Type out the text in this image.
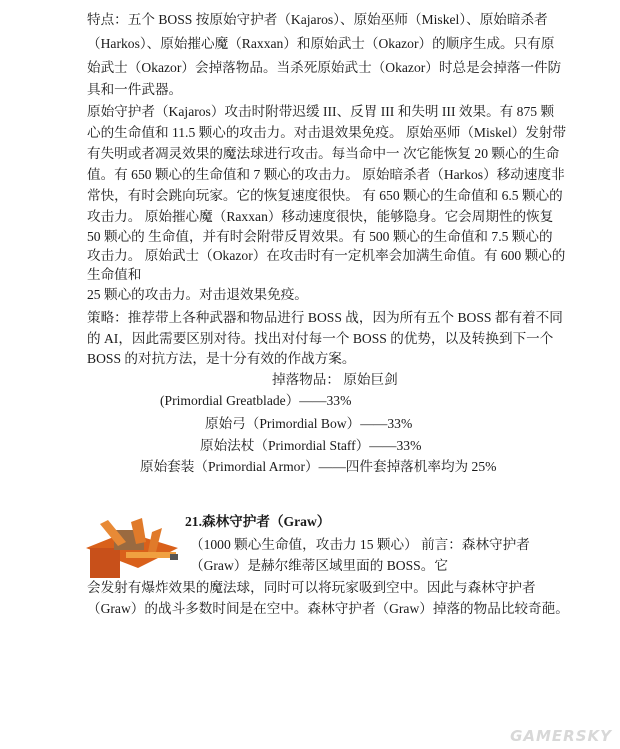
特点：五个 BOSS 按原始守护者（Kajaros）、原始巫师（Miskel）、原始暗杀者
（Harkos）、原始摧心魔（Raxxan）和原始武士（Okazor）的顺序生成。只有原
始武士（Okazor）会掉落物品。当杀死原始武士（Okazor）时总是会掉落一件防
具和一件武器。
原始守护者（Kajaros）攻击时附带迟缓 III、反胃 III 和失明 III 效果。有 875 颗
心的生命值和 11.5 颗心的攻击力。对击退效果免疫。 原始巫师（Miskel）发射带
有失明或者凋灵效果的魔法球进行攻击。每当命中一 次它能恢复 20 颗心的生命
值。有 650 颗心的生命值和 7 颗心的攻击力。 原始暗杀者（Harkos）移动速度非
常快，有时会跳向玩家。它的恢复速度很快。 有 650 颗心的生命值和 6.5 颗心的
攻击力。 原始摧心魔（Raxxan）移动速度很快，能够隐身。它会周期性的恢复
50 颗心的 生命值，并有时会附带反胃效果。有 500 颗心的生命值和 7.5 颗心的
攻击力。 原始武士（Okazor）在攻击时有一定机率会加满生命值。有 600 颗心的
生命值和
25 颗心的攻击力。对击退效果免疫。
策略：推荐带上各种武器和物品进行 BOSS 战，因为所有五个 BOSS 都有着不同
的 AI，因此需要区别对待。找出对付每一个 BOSS 的优势，以及转换到下一个
BOSS 的对抗方法，是十分有效的作战方案。
掉落物品： 原始巨剑
(Primordial Greatblade）——33%
原始弓（Primordial Bow）——33%
原始法杖（Primordial Staff）——33%
原始套装（Primordial Armor）——四件套掉落机率均为 25%
21.森林守护者（Graw）
（1000 颗心生命值，攻击力 15 颗心） 前言：森林守护者
（Graw）是赫尔维蒂区域里面的 BOSS。它
会发射有爆炸效果的魔法球，同时可以将玩家吸到空中。因此与森林守护者
（Graw）的战斗多数时间是在空中。森林守护者（Graw）掉落的物品比较奇葩。
GAMERSKY
